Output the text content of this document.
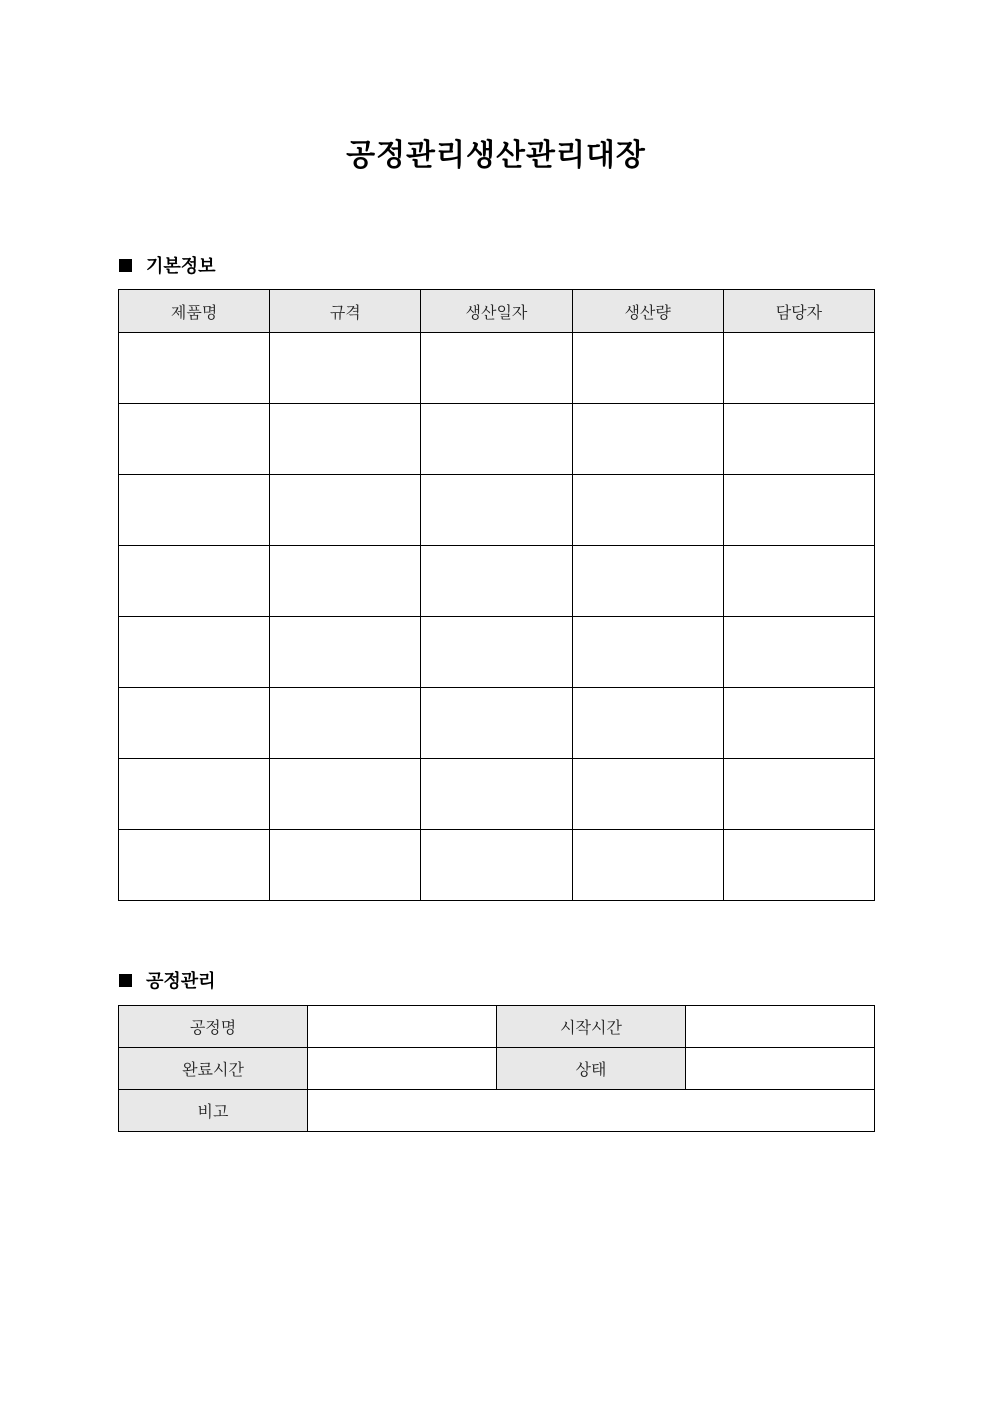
공정관리생산관리대장
기본정보
제품명	규격	생산일자	생산량	담당자

공정관리
공정명		시작시간	
완료시간		상태	
비고			
